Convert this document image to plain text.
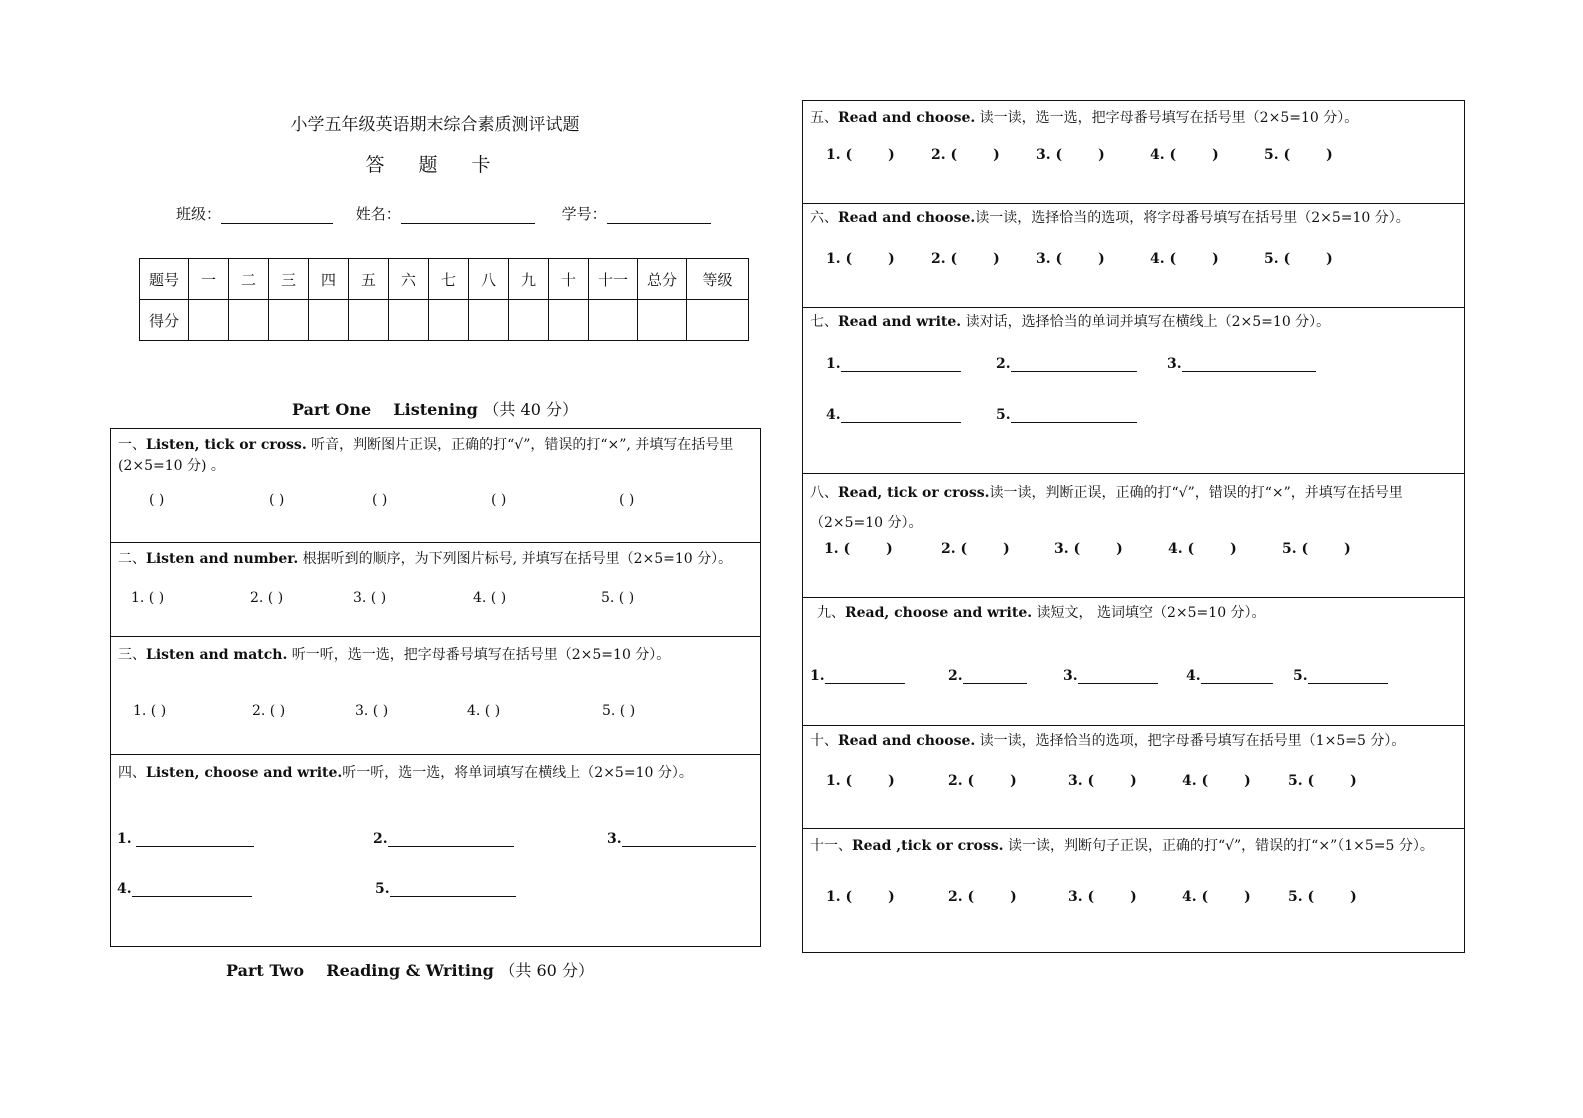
小学五年级英语期末综合素质测评试题
答 题 卡
班级：	姓名：	学号：
题号	一	二	三	四	五	六	七	八	九	十	十一	总分	等级
得分													
Part One    Listening （共 40 分）
一、Listen, tick or cross. 听音，判断图片正误，正确的打“√”，错误的打“×”, 并填写在括号里(2×5=10 分) 。
( )	( )	( )	( )	( )
二、Listen and number. 根据听到的顺序，为下列图片标号, 并填写在括号里（2×5=10 分）。
1. ( )	2. ( )	3. ( )	4. ( )	5. ( )
三、Listen and match. 听一听，选一选，把字母番号填写在括号里（2×5=10 分）。
1. ( )	2. ( )	3. ( )	4. ( )	5. ( )
四、Listen, choose and write.听一听，选一选，将单词填写在横线上（2×5=10 分）。
1.	2.	3.
4.	5.
Part Two    Reading & Writing （共 60 分）
五、Read and choose. 读一读，选一选，把字母番号填写在括号里（2×5=10 分）。
1. (	)	2. (	)	3. (	)	4. (	)	5. (	)
六、Read and choose.读一读，选择恰当的选项，将字母番号填写在括号里（2×5=10 分）。
1. (	)	2. (	)	3. (	)	4. (	)	5. (	)
七、Read and write. 读对话，选择恰当的单词并填写在横线上（2×5=10 分）。
1.	2.	3.
4.	5.
八、Read, tick or cross.读一读，判断正误，正确的打“√”，错误的打“×”，并填写在括号里（2×5=10 分）。
1. (	)	2. (	)	3. (	)	4. (	)	5. (	)
九、Read, choose and write. 读短文， 选词填空（2×5=10 分）。
1.	2.	3.	4.	5.
十、Read and choose. 读一读，选择恰当的选项，把字母番号填写在括号里（1×5=5 分）。
1. (	)	2. (	)	3. (	)	4. (	)	5. (	)
十一、Read ,tick or cross. 读一读，判断句子正误，正确的打“√”，错误的打“×”（1×5=5 分）。
1. (	)	2. (	)	3. (	)	4. (	)	5. (	)
